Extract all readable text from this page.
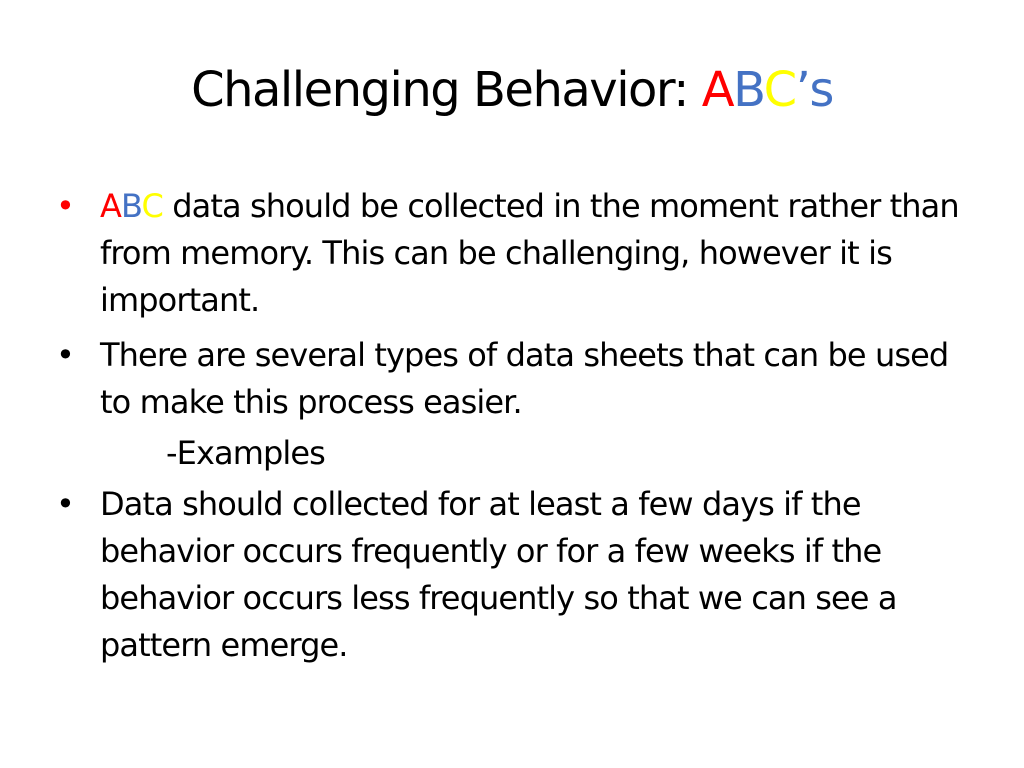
Challenging Behavior: ABC’s
• ABC data should be collected in the moment rather than from memory. This can be challenging, however it is important.
• There are several types of data sheets that can be used to make this process easier.
-Examples
• Data should collected for at least a few days if the behavior occurs frequently or for a few weeks if the behavior occurs less frequently so that we can see a pattern emerge.
